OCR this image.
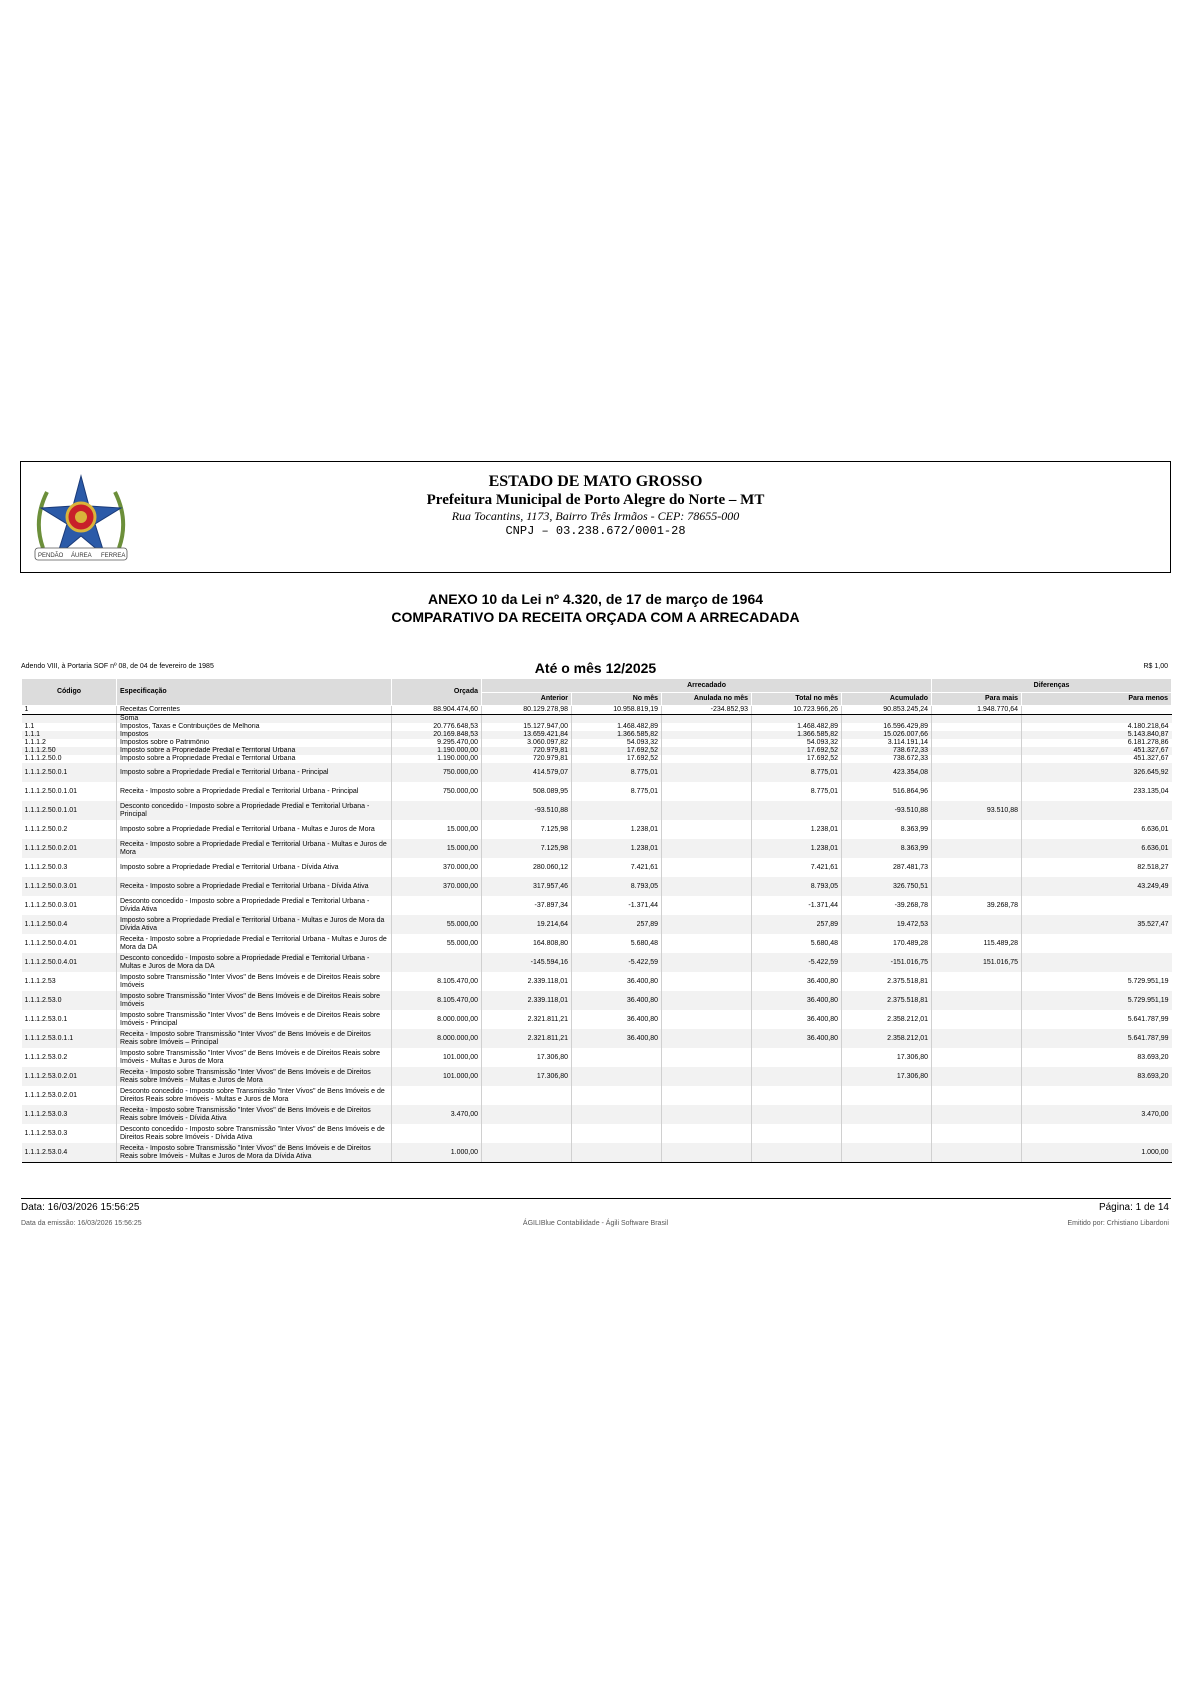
PENDÃO ÁUREA FERREA
ESTADO DE MATO GROSSO
Prefeitura Municipal de Porto Alegre do Norte – MT
Rua Tocantins, 1173, Bairro Três Irmãos - CEP: 78655-000
CNPJ – 03.238.672/0001-28
ANEXO 10 da Lei nº 4.320, de 17 de março de 1964
COMPARATIVO DA RECEITA ORÇADA COM A ARRECADADA
Adendo VIII, à Portaria SOF nº 08, de 04 de fevereiro de 1985	Até o mês 12/2025	R$ 1,00
Código	Especificação	Orçada	Arrecadado					Diferenças	
			Anterior	No mês	Anulada no mês	Total no mês	Acumulado	Para mais	Para menos
1	Receitas Correntes	88.904.474,60	80.129.278,98	10.958.819,19	-234.852,93	10.723.966,26	90.853.245,24	1.948.770,64	
	Soma								
1.1	Impostos, Taxas e Contribuições de Melhoria	20.776.648,53	15.127.947,00	1.468.482,89		1.468.482,89	16.596.429,89		4.180.218,64
1.1.1	Impostos	20.169.848,53	13.659.421,84	1.366.585,82		1.366.585,82	15.026.007,66		5.143.840,87
1.1.1.2	Impostos sobre o Patrimônio	9.295.470,00	3.060.097,82	54.093,32		54.093,32	3.114.191,14		6.181.278,86
1.1.1.2.50	Imposto sobre a Propriedade Predial e Territorial Urbana	1.190.000,00	720.979,81	17.692,52		17.692,52	738.672,33		451.327,67
1.1.1.2.50.0	Imposto sobre a Propriedade Predial e Territorial Urbana	1.190.000,00	720.979,81	17.692,52		17.692,52	738.672,33		451.327,67
1.1.1.2.50.0.1	Imposto sobre a Propriedade Predial e Territorial Urbana - Principal	750.000,00	414.579,07	8.775,01		8.775,01	423.354,08		326.645,92
1.1.1.2.50.0.1.01	Receita - Imposto sobre a Propriedade Predial e Territorial Urbana - Principal	750.000,00	508.089,95	8.775,01		8.775,01	516.864,96		233.135,04
1.1.1.2.50.0.1.01	Desconto concedido - Imposto sobre a Propriedade Predial e Territorial Urbana - Principal		-93.510,88				-93.510,88	93.510,88	
1.1.1.2.50.0.2	Imposto sobre a Propriedade Predial e Territorial Urbana - Multas e Juros de Mora	15.000,00	7.125,98	1.238,01		1.238,01	8.363,99		6.636,01
1.1.1.2.50.0.2.01	Receita - Imposto sobre a Propriedade Predial e Territorial Urbana - Multas e Juros de Mora	15.000,00	7.125,98	1.238,01		1.238,01	8.363,99		6.636,01
1.1.1.2.50.0.3	Imposto sobre a Propriedade Predial e Territorial Urbana - Dívida Ativa	370.000,00	280.060,12	7.421,61		7.421,61	287.481,73		82.518,27
1.1.1.2.50.0.3.01	Receita - Imposto sobre a Propriedade Predial e Territorial Urbana - Dívida Ativa	370.000,00	317.957,46	8.793,05		8.793,05	326.750,51		43.249,49
1.1.1.2.50.0.3.01	Desconto concedido - Imposto sobre a Propriedade Predial e Territorial Urbana - Dívida Ativa		-37.897,34	-1.371,44		-1.371,44	-39.268,78	39.268,78	
1.1.1.2.50.0.4	Imposto sobre a Propriedade Predial e Territorial Urbana - Multas e Juros de Mora da Dívida Ativa	55.000,00	19.214,64	257,89		257,89	19.472,53		35.527,47
1.1.1.2.50.0.4.01	Receita - Imposto sobre a Propriedade Predial e Territorial Urbana - Multas e Juros de Mora da DA	55.000,00	164.808,80	5.680,48		5.680,48	170.489,28	115.489,28	
1.1.1.2.50.0.4.01	Desconto concedido - Imposto sobre a Propriedade Predial e Territorial Urbana - Multas e Juros de Mora da DA		-145.594,16	-5.422,59		-5.422,59	-151.016,75	151.016,75	
1.1.1.2.53	Imposto sobre Transmissão "Inter Vivos" de Bens Imóveis e de Direitos Reais sobre Imóveis	8.105.470,00	2.339.118,01	36.400,80		36.400,80	2.375.518,81		5.729.951,19
1.1.1.2.53.0	Imposto sobre Transmissão "Inter Vivos" de Bens Imóveis e de Direitos Reais sobre Imóveis	8.105.470,00	2.339.118,01	36.400,80		36.400,80	2.375.518,81		5.729.951,19
1.1.1.2.53.0.1	Imposto sobre Transmissão "Inter Vivos" de Bens Imóveis e de Direitos Reais sobre Imóveis - Principal	8.000.000,00	2.321.811,21	36.400,80		36.400,80	2.358.212,01		5.641.787,99
1.1.1.2.53.0.1.1	Receita - Imposto sobre Transmissão "Inter Vivos" de Bens Imóveis e de Direitos Reais sobre Imóveis – Principal	8.000.000,00	2.321.811,21	36.400,80		36.400,80	2.358.212,01		5.641.787,99
1.1.1.2.53.0.2	Imposto sobre Transmissão "Inter Vivos" de Bens Imóveis e de Direitos Reais sobre Imóveis - Multas e Juros de Mora	101.000,00	17.306,80				17.306,80		83.693,20
1.1.1.2.53.0.2.01	Receita - Imposto sobre Transmissão "Inter Vivos" de Bens Imóveis e de Direitos Reais sobre Imóveis - Multas e Juros de Mora	101.000,00	17.306,80				17.306,80		83.693,20
1.1.1.2.53.0.2.01	Desconto concedido - Imposto sobre Transmissão "Inter Vivos" de Bens Imóveis e de Direitos Reais sobre Imóveis - Multas e Juros de Mora								
1.1.1.2.53.0.3	Receita - Imposto sobre Transmissão "Inter Vivos" de Bens Imóveis e de Direitos Reais sobre Imóveis - Dívida Ativa	3.470,00							3.470,00
1.1.1.2.53.0.3	Desconto concedido - Imposto sobre Transmissão "Inter Vivos" de Bens Imóveis e de Direitos Reais sobre Imóveis - Dívida Ativa								
1.1.1.2.53.0.4	Receita - Imposto sobre Transmissão "Inter Vivos" de Bens Imóveis e de Direitos Reais sobre Imóveis - Multas e Juros de Mora da Dívida Ativa	1.000,00							1.000,00
Data: 16/03/2026 15:56:25	Página: 1 de 14
Data da emissão: 16/03/2026 15:56:25	ÁGILIBlue Contabilidade - Ágili Software Brasil	Emitido por: Crhistiano Libardoni
